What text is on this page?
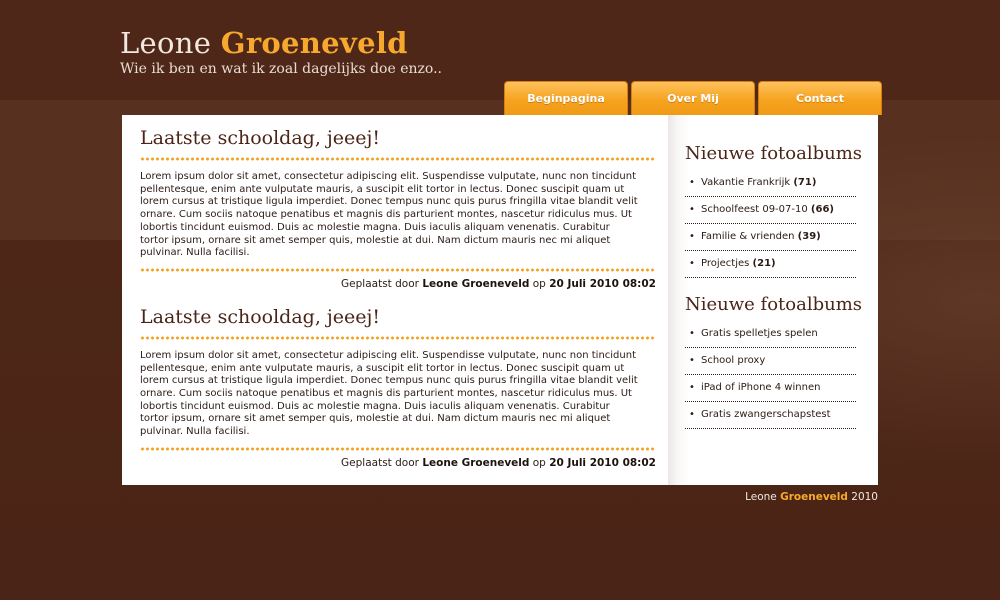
Leone Groeneveld
Wie ik ben en wat ik zoal dagelijks doe enzo..
Beginpagina	Over Mij	Contact
Laatste schooldag, jeeej!
Lorem ipsum dolor sit amet, consectetur adipiscing elit. Suspendisse vulputate, nunc non tincidunt pellentesque, enim ante vulputate mauris, a suscipit elit tortor in lectus. Donec suscipit quam ut lorem cursus at tristique ligula imperdiet. Donec tempus nunc quis purus fringilla vitae blandit velit ornare. Cum sociis natoque penatibus et magnis dis parturient montes, nascetur ridiculus mus. Ut lobortis tincidunt euismod. Duis ac molestie magna. Duis iaculis aliquam venenatis. Curabitur tortor ipsum, ornare sit amet semper quis, molestie at dui. Nam dictum mauris nec mi aliquet pulvinar. Nulla facilisi.
Geplaatst door Leone Groeneveld op 20 Juli 2010 08:02
Laatste schooldag, jeeej!
Lorem ipsum dolor sit amet, consectetur adipiscing elit. Suspendisse vulputate, nunc non tincidunt pellentesque, enim ante vulputate mauris, a suscipit elit tortor in lectus. Donec suscipit quam ut lorem cursus at tristique ligula imperdiet. Donec tempus nunc quis purus fringilla vitae blandit velit ornare. Cum sociis natoque penatibus et magnis dis parturient montes, nascetur ridiculus mus. Ut lobortis tincidunt euismod. Duis ac molestie magna. Duis iaculis aliquam venenatis. Curabitur tortor ipsum, ornare sit amet semper quis, molestie at dui. Nam dictum mauris nec mi aliquet pulvinar. Nulla facilisi.
Geplaatst door Leone Groeneveld op 20 Juli 2010 08:02
Nieuwe fotoalbums
• Vakantie Frankrijk (71)
• Schoolfeest 09-07-10 (66)
• Familie & vrienden (39)
• Projectjes (21)
Nieuwe fotoalbums
• Gratis spelletjes spelen
• School proxy
• iPad of iPhone 4 winnen
• Gratis zwangerschapstest
Leone Groeneveld 2010
